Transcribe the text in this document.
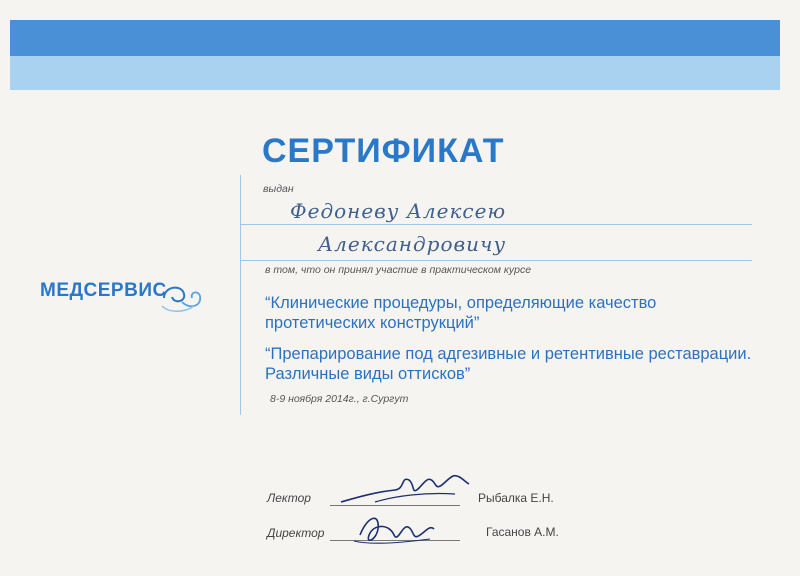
СЕРТИФИКАТ
выдан
Федоневу Алексею
Александровичу
в том, что он принял участие в практическом курсе
“Клинические процедуры, определяющие качество протетических конструкций”
“Препарирование под адгезивные и ретентивные реставрации. Различные виды оттисков”
8-9 ноября 2014г., г.Сургут
МЕДСЕРВИС
Лектор	Рыбалка Е.Н.
Директор	Гасанов А.М.
